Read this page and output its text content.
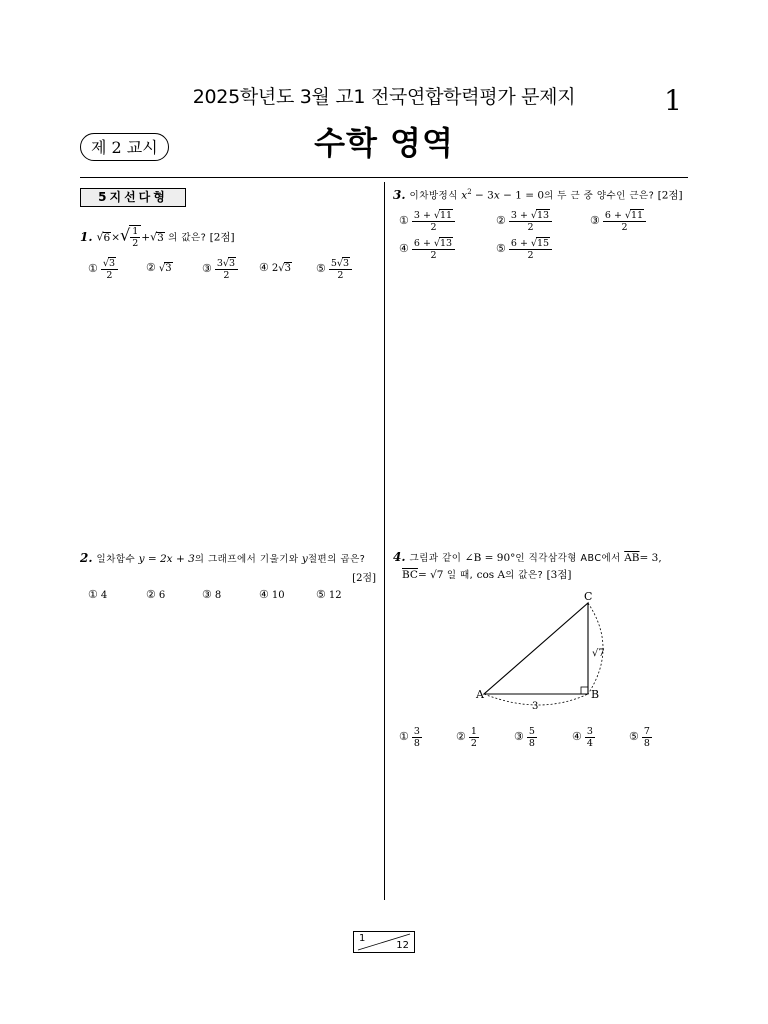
2025학년도 3월 고1 전국연합학력평가 문제지	1
제 2 교시	수학 영역
5지선다형
1. $√6\times√ \frac{1}{2} +√3$ 의 값은? [2점]
① $\frac{√3}{2}$	② √3	③ $\frac{3√3}{2}$ ④ 2√3 ⑤ $\frac{5√3}{2}$
2. 일차함수 y = 2x + 3의 그래프에서 기울기와 y절편의 곱은?
[2점]
① 4	② 6	③ 8	④ 10	⑤ 12
3. 이차방정식 $x^2 - 3x - 1 = 0$의 두 근 중 양수인 근은? [2점]
① $\frac{3 + √11}{2}$	② $\frac{3 + √13}{2}$	③ $\frac{6 + √11}{2}$
④ $\frac{6 + √13}{2}$	⑤ $\frac{6 + √15}{2}$
4. 그림과 같이 ∠B = 90°인 직각삼각형 ABC에서 $\overline{AB}= 3$,
$\overline{BC}= √7$ 일 때, cos A의 값은? [3점]
A	B
C
3
√7
① $\frac{3}{8}$	② $\frac{1}{2}$	③ $\frac{5}{8}$	④ $\frac{3}{4}$	⑤ $\frac{7}{8}$
1
12
